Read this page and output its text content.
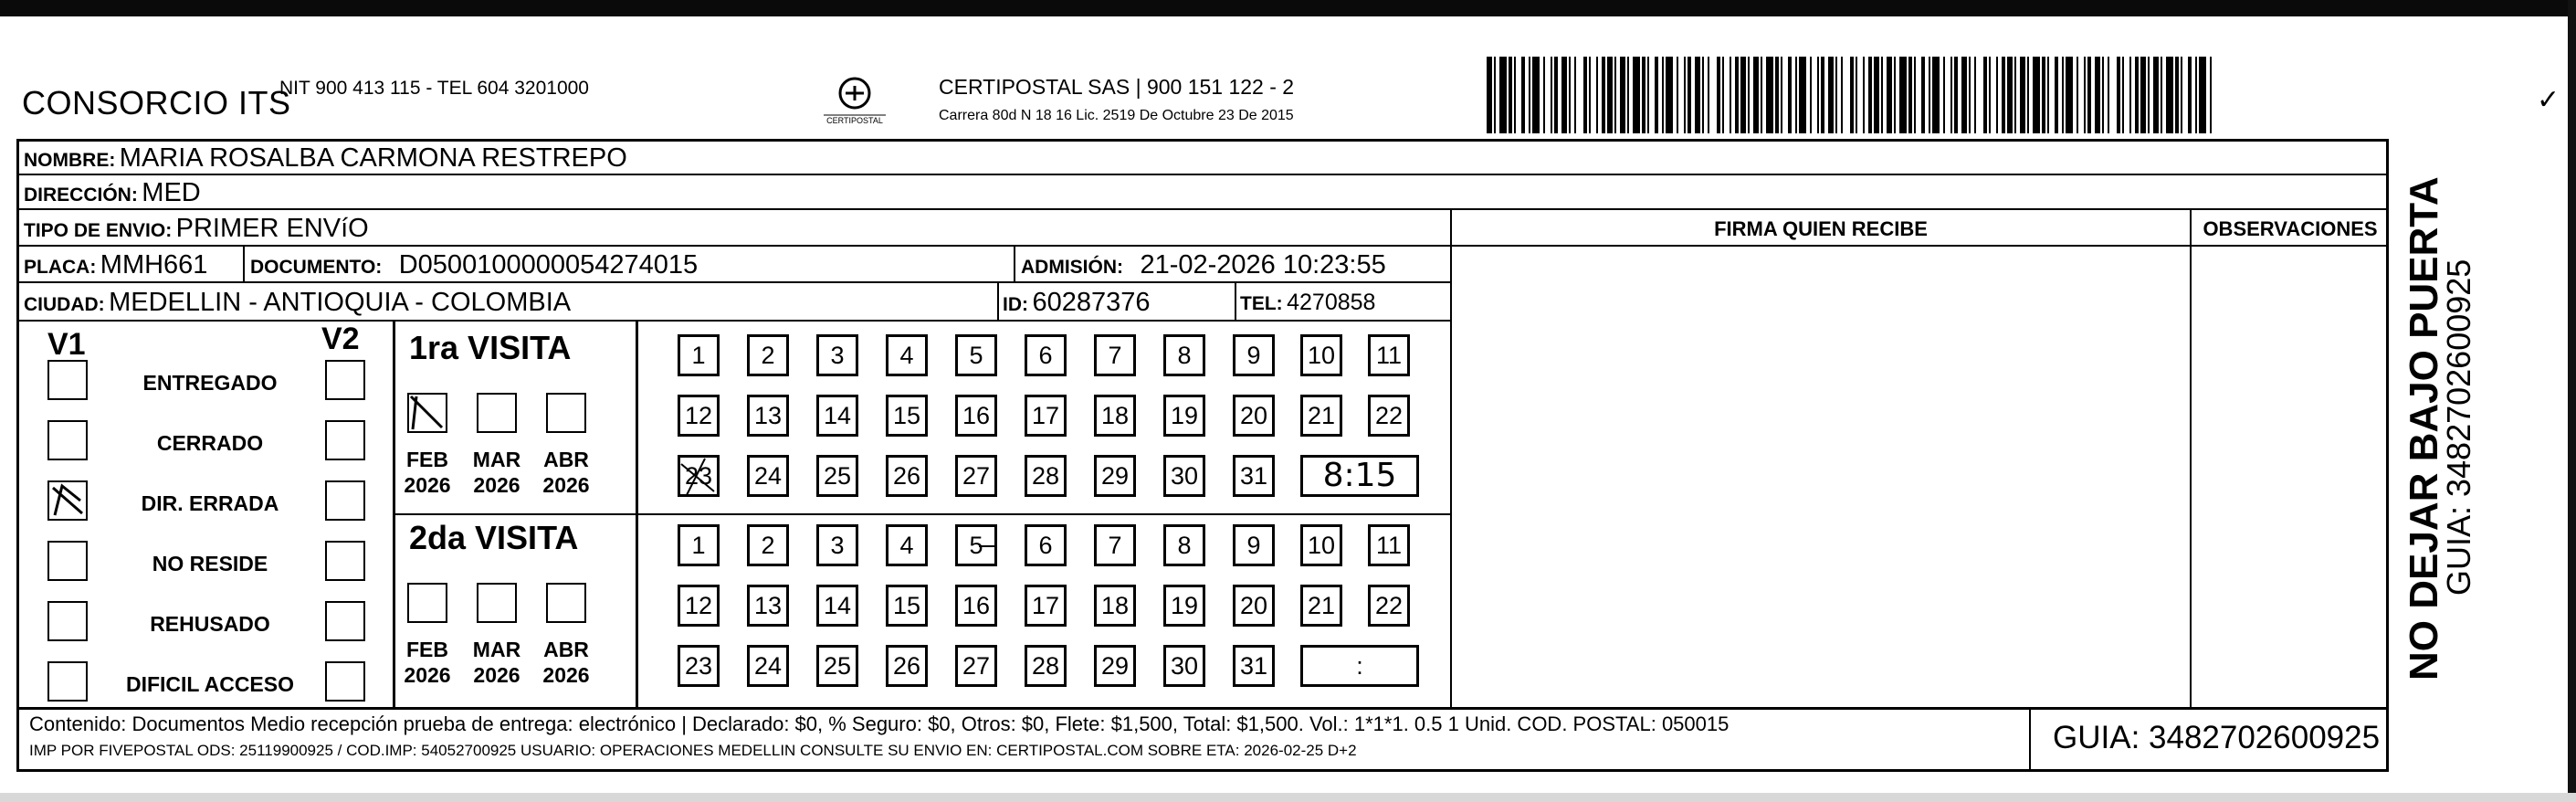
CONSORCIO ITS
NIT 900 413 115 - TEL 604 3201000
CERTIPOSTAL
CERTIPOSTAL SAS | 900 151 122 - 2
Carrera 80d N 18 16 Lic. 2519 De Octubre 23 De 2015
✓
NOMBRE: MARIA ROSALBA CARMONA RESTREPO
DIRECCIÓN: MED
TIPO DE ENVIO: PRIMER ENVíO
PLACA: MMH661 DOCUMENTO: D0500100000054274015	ADMISIÓN: 21-02-2026 10:23:55
CIUDAD: MEDELLIN - ANTIOQUIA - COLOMBIA	ID: 60287376	TEL: 4270858
FIRMA QUIEN RECIBE	OBSERVACIONES
V1	V2
ENTREGADO
CERRADO
DIR. ERRADA
NO RESIDE
REHUSADO
DIFICIL ACCESO
1ra VISITA
FEB
2026
MAR
2026
ABR
2026
1	2	3	4	5	6	7	8	9	10	11
12 13 14 15 16 17 18 19 20 21 22
23 24 25 26 27 28 29 30 31	8:15
2da VISITA
FEB
2026
MAR
2026
ABR
2026
1	2	3	4	5	6	7	8	9	10	11
12 13 14 15 16 17 18 19 20 21 22
23 24 25 26 27 28 29 30 31	:
Contenido: Documentos Medio recepción prueba de entrega: electrónico | Declarado: $0, % Seguro: $0, Otros: $0, Flete: $1,500, Total: $1,500. Vol.: 1*1*1. 0.5 1 Unid. COD. POSTAL: 050015
IMP POR FIVEPOSTAL ODS: 25119900925 / COD.IMP: 54052700925 USUARIO: OPERACIONES MEDELLIN CONSULTE SU ENVIO EN: CERTIPOSTAL.COM SOBRE ETA: 2026-02-25 D+2	GUIA: 3482702600925
NO DEJAR BAJO PUERTA
GUIA: 3482702600925
